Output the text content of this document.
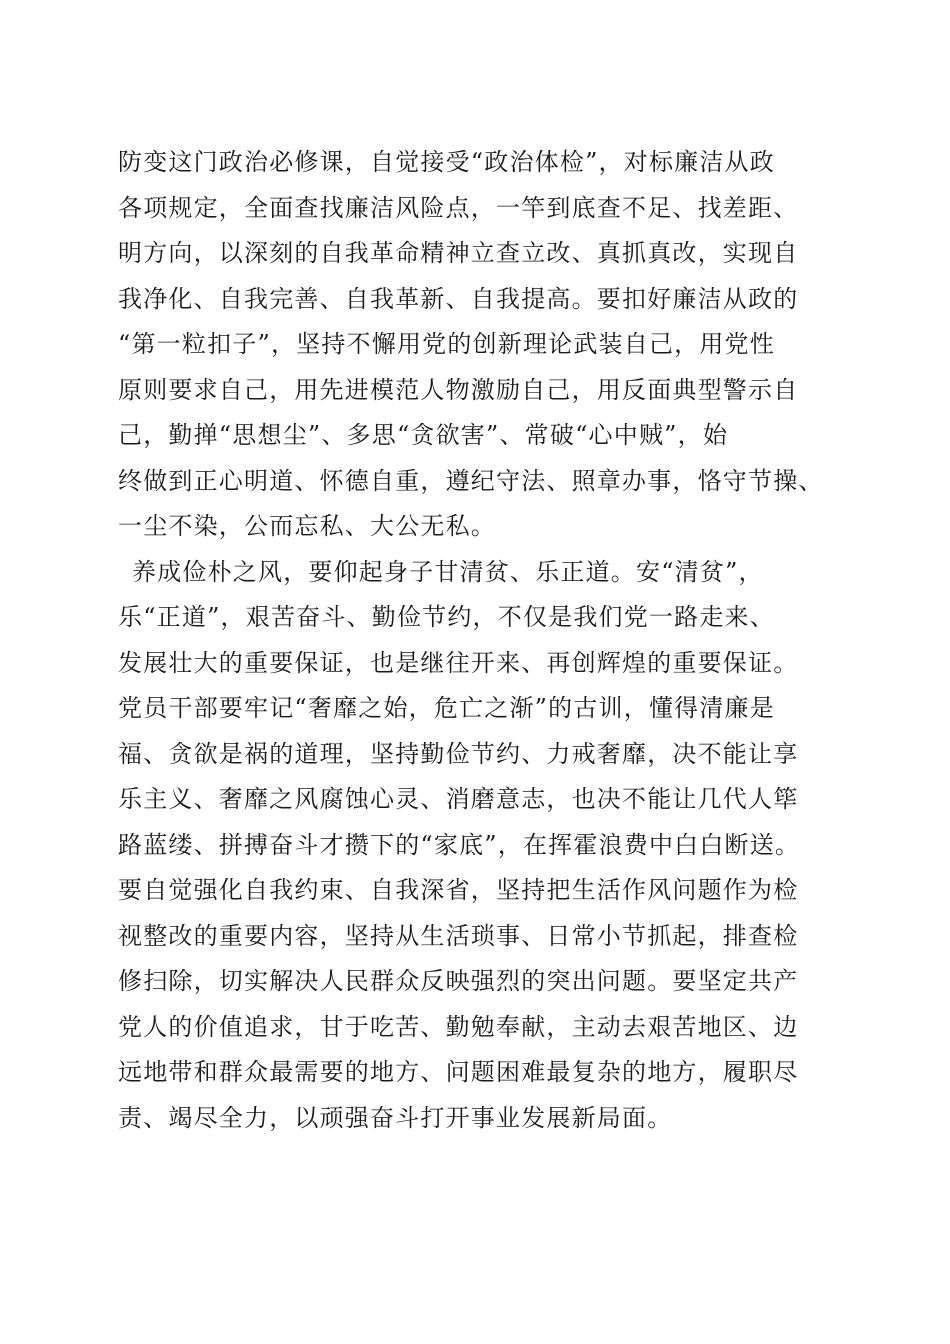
防变这门政治必修课，自觉接受“政治体检”，对标廉洁从政
各项规定，全面查找廉洁风险点，一竿到底查不足、找差距、
明方向，以深刻的自我革命精神立查立改、真抓真改，实现自
我净化、自我完善、自我革新、自我提高。要扣好廉洁从政的
“第一粒扣子”，坚持不懈用党的创新理论武装自己，用党性
原则要求自己，用先进模范人物激励自己，用反面典型警示自
己，勤掸“思想尘”、多思“贪欲害”、常破“心中贼”，始
终做到正心明道、怀德自重，遵纪守法、照章办事，恪守节操、
一尘不染，公而忘私、大公无私。
养成俭朴之风，要仰起身子甘清贫、乐正道。安“清贫”，
乐“正道”，艰苦奋斗、勤俭节约，不仅是我们党一路走来、
发展壮大的重要保证，也是继往开来、再创辉煌的重要保证。
党员干部要牢记“奢靡之始，危亡之渐”的古训，懂得清廉是
福、贪欲是祸的道理，坚持勤俭节约、力戒奢靡，决不能让享
乐主义、奢靡之风腐蚀心灵、消磨意志，也决不能让几代人筚
路蓝缕、拼搏奋斗才攒下的“家底”，在挥霍浪费中白白断送。
要自觉强化自我约束、自我深省，坚持把生活作风问题作为检
视整改的重要内容，坚持从生活琐事、日常小节抓起，排查检
修扫除，切实解决人民群众反映强烈的突出问题。要坚定共产
党人的价值追求，甘于吃苦、勤勉奉献，主动去艰苦地区、边
远地带和群众最需要的地方、问题困难最复杂的地方，履职尽
责、竭尽全力，以顽强奋斗打开事业发展新局面。
